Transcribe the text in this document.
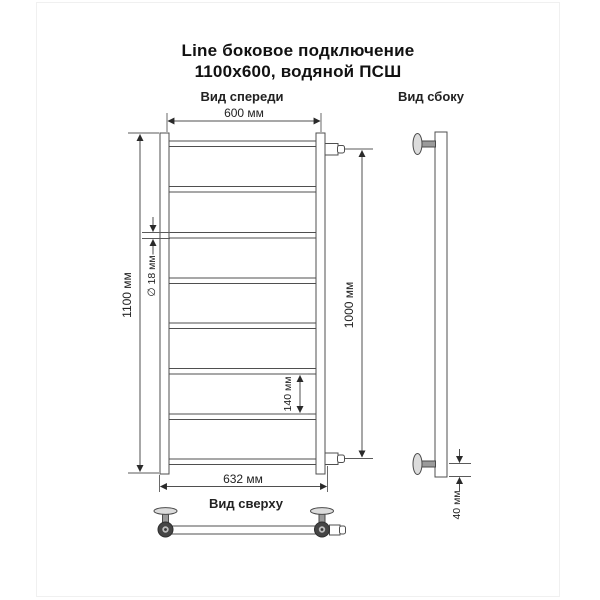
Line боковое подключение
1100х600, водяной ПСШ
Вид спереди	Вид сбоку
Вид сверху
600 мм
1100 мм	1000 мм
∅ 18 мм
140 мм
632 мм
40 мм
